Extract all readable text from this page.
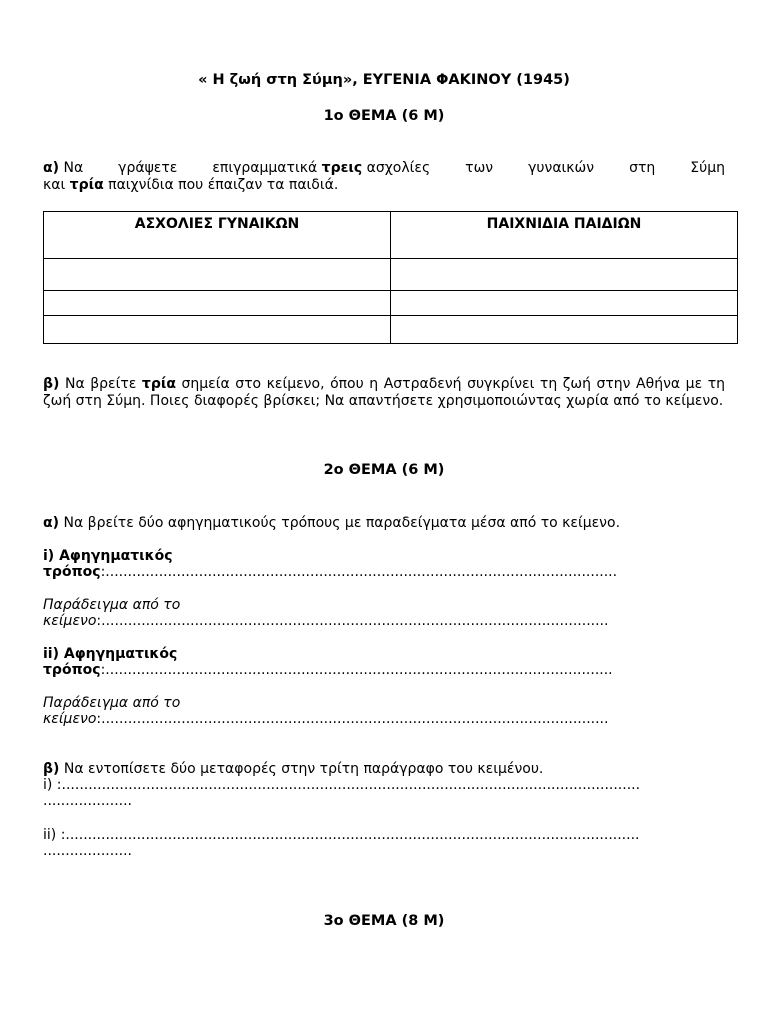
« Η ζωή στη Σύμη», ΕΥΓΕΝΙΑ ΦΑΚΙΝΟΥ (1945)
1ο ΘΕΜΑ (6 Μ)
α) Να γράψετε επιγραμματικά τρεις ασχολίες των γυναικών στη Σύμη
και τρία παιχνίδια που έπαιζαν τα παιδιά.
ΑΣΧΟΛΙΕΣ ΓΥΝΑΙΚΩΝ	ΠΑΙΧΝΙΔΙΑ ΠΑΙΔΙΩΝ

β) Να βρείτε τρία σημεία στο κείμενο, όπου η Αστραδενή συγκρίνει τη ζωή στην Αθήνα με τη ζωή στη Σύμη. Ποιες διαφορές βρίσκει; Να απαντήσετε χρησιμοποιώντας χωρία από το κείμενο.
2ο ΘΕΜΑ (6 Μ)
α) Να βρείτε δύο αφηγηματικούς τρόπους με παραδείγματα μέσα από το κείμενο.
i) Αφηγηματικός
τρόπος:...................................................................................................................
Παράδειγμα από το
κείμενο:..................................................................................................................
ii) Αφηγηματικός
τρόπος:..................................................................................................................
Παράδειγμα από το
κείμενο:..................................................................................................................
β) Να εντοπίσετε δύο μεταφορές στην τρίτη παράγραφο του κειμένου.
i) :..................................................................................................................................
....................
ii) :.................................................................................................................................
....................
3ο ΘΕΜΑ (8 Μ)
